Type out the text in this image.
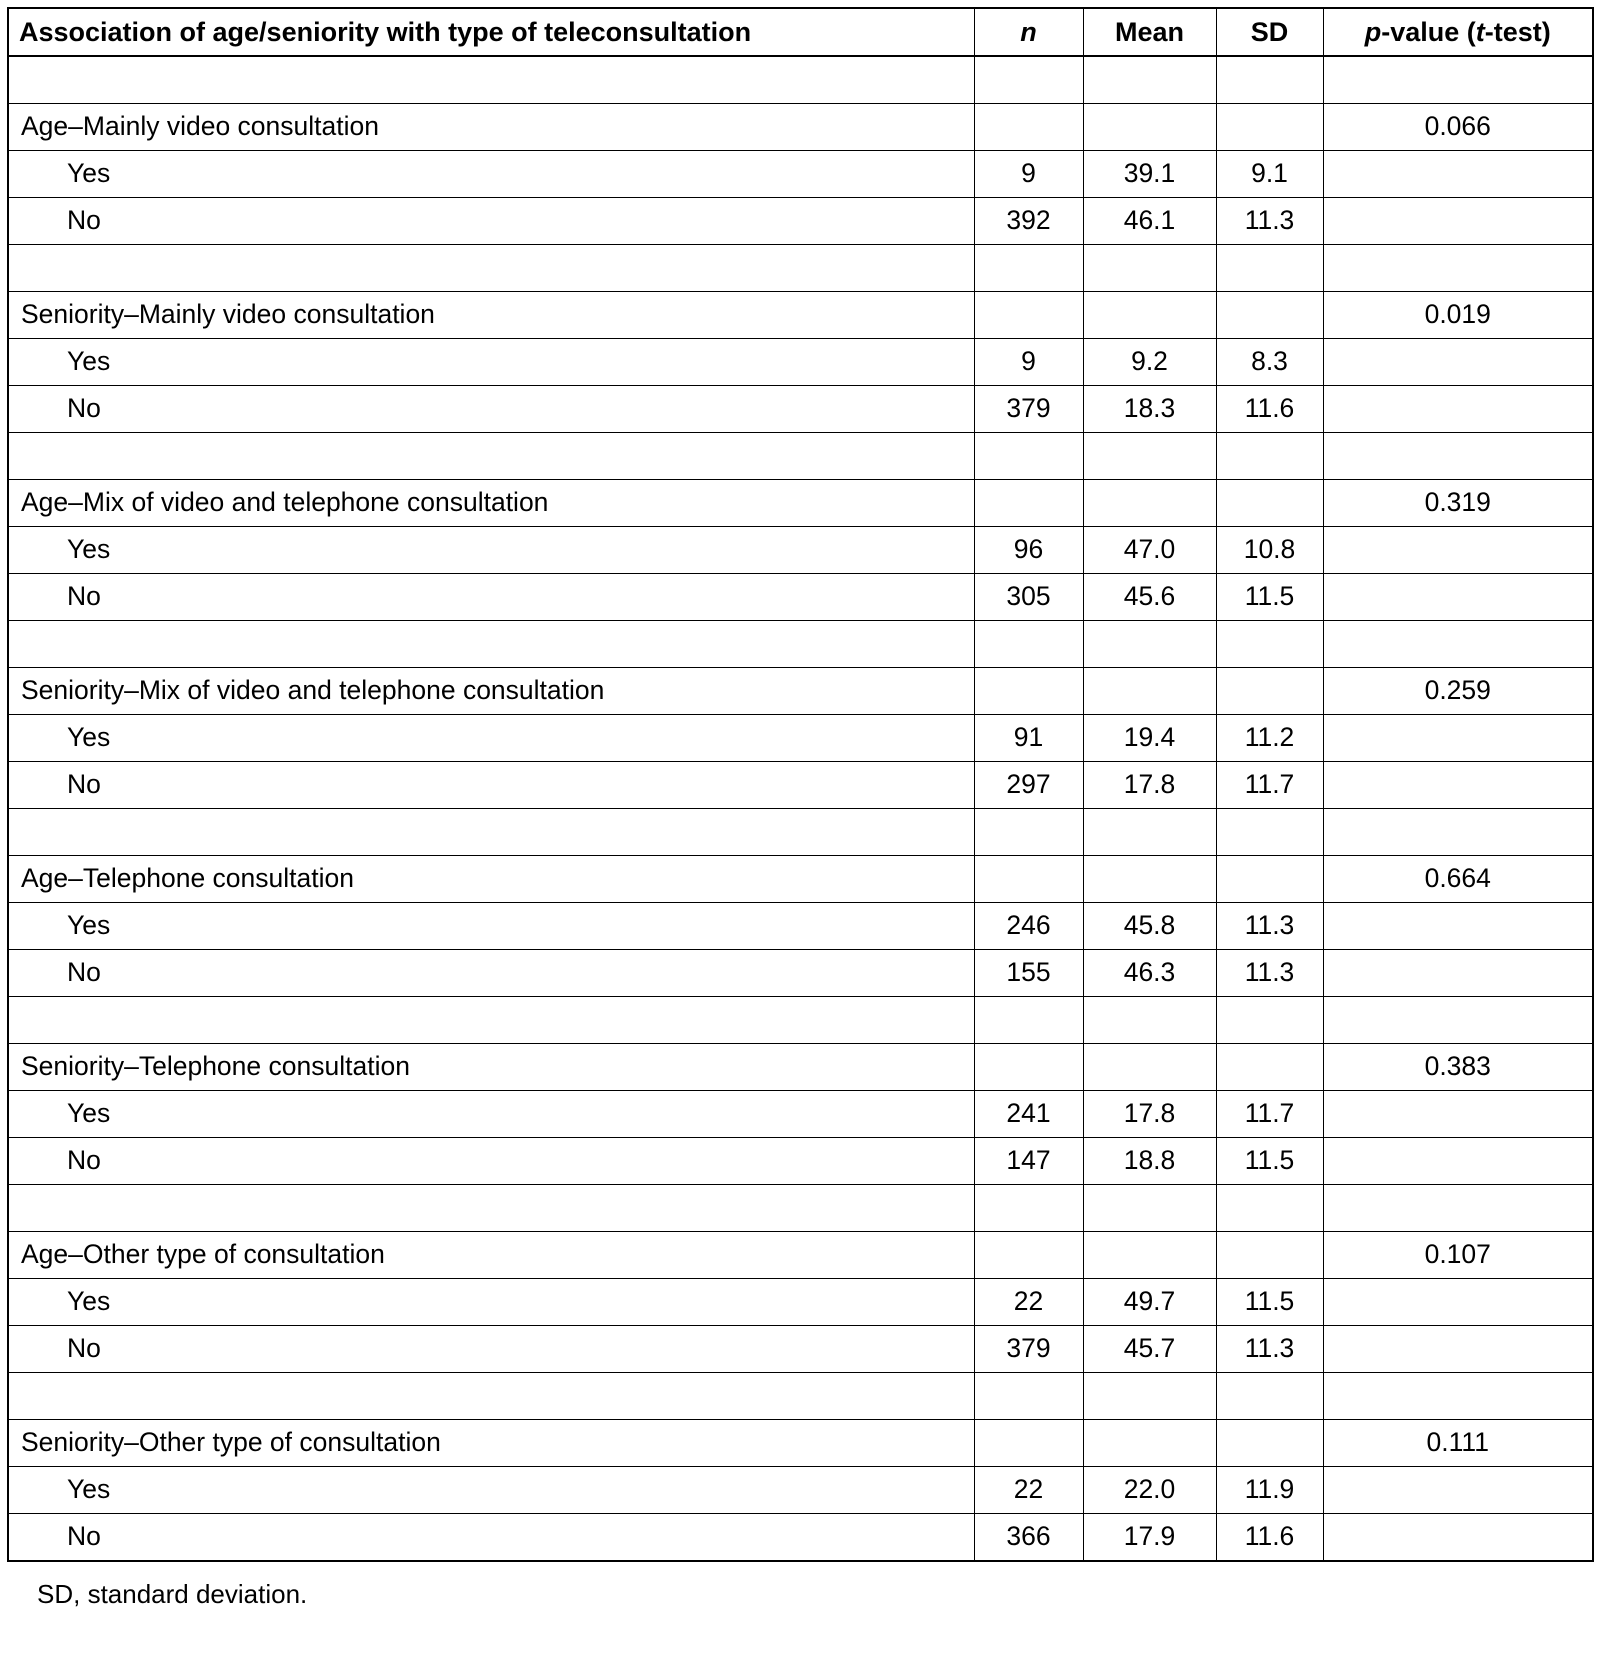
Association of age/seniority with type of teleconsultation	n	Mean	SD	p-value (t-test)

Age–Mainly video consultation				0.066
Yes	9	39.1	9.1	
No	392	46.1	11.3	

Seniority–Mainly video consultation				0.019
Yes	9	9.2	8.3	
No	379	18.3	11.6	

Age–Mix of video and telephone consultation				0.319
Yes	96	47.0	10.8	
No	305	45.6	11.5	

Seniority–Mix of video and telephone consultation				0.259
Yes	91	19.4	11.2	
No	297	17.8	11.7	

Age–Telephone consultation				0.664
Yes	246	45.8	11.3	
No	155	46.3	11.3	

Seniority–Telephone consultation				0.383
Yes	241	17.8	11.7	
No	147	18.8	11.5	

Age–Other type of consultation				0.107
Yes	22	49.7	11.5	
No	379	45.7	11.3	

Seniority–Other type of consultation				0.111
Yes	22	22.0	11.9	
No	366	17.9	11.6	
SD, standard deviation.
